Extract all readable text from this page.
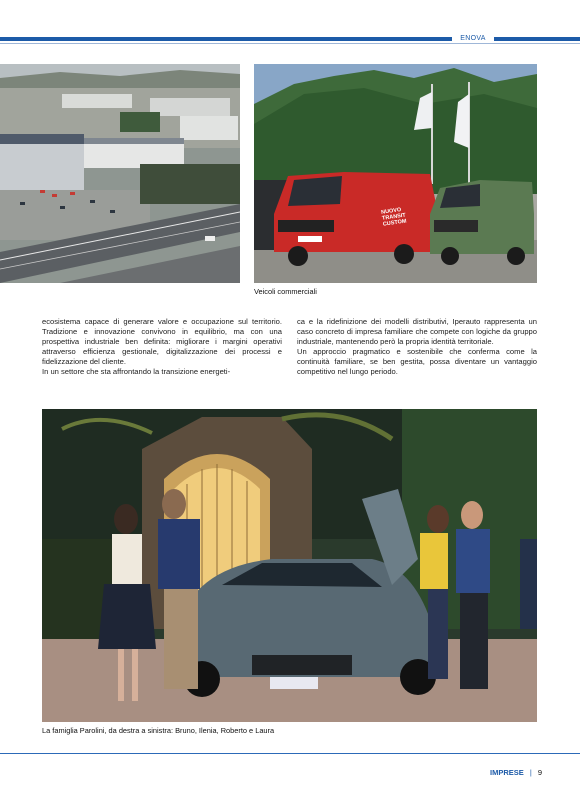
ENOVA
NUOVO TRANSIT CUSTOM
Veicoli commerciali

ecosistema capace di generare valore e occupazione sul territorio. Tradizione e innovazione convivono in equilibrio, ma con una prospettiva industriale ben definita: migliorare i margini operativi attraverso efficienza gestionale, digitalizzazione dei processi e fidelizzazione del cliente.

In un settore che sta affrontando la transizione energeti-

ca e la ridefinizione dei modelli distributivi, Iperauto rappresenta un caso concreto di impresa familiare che compete con logiche da gruppo industriale, mantenendo però la propria identità territoriale.

Un approccio pragmatico e sostenibile che conferma come la continuità familiare, se ben gestita, possa diventare un vantaggio competitivo nel lungo periodo.

La famiglia Parolini, da destra a sinistra: Bruno, Ilenia, Roberto e Laura
IMPRESE | 9
